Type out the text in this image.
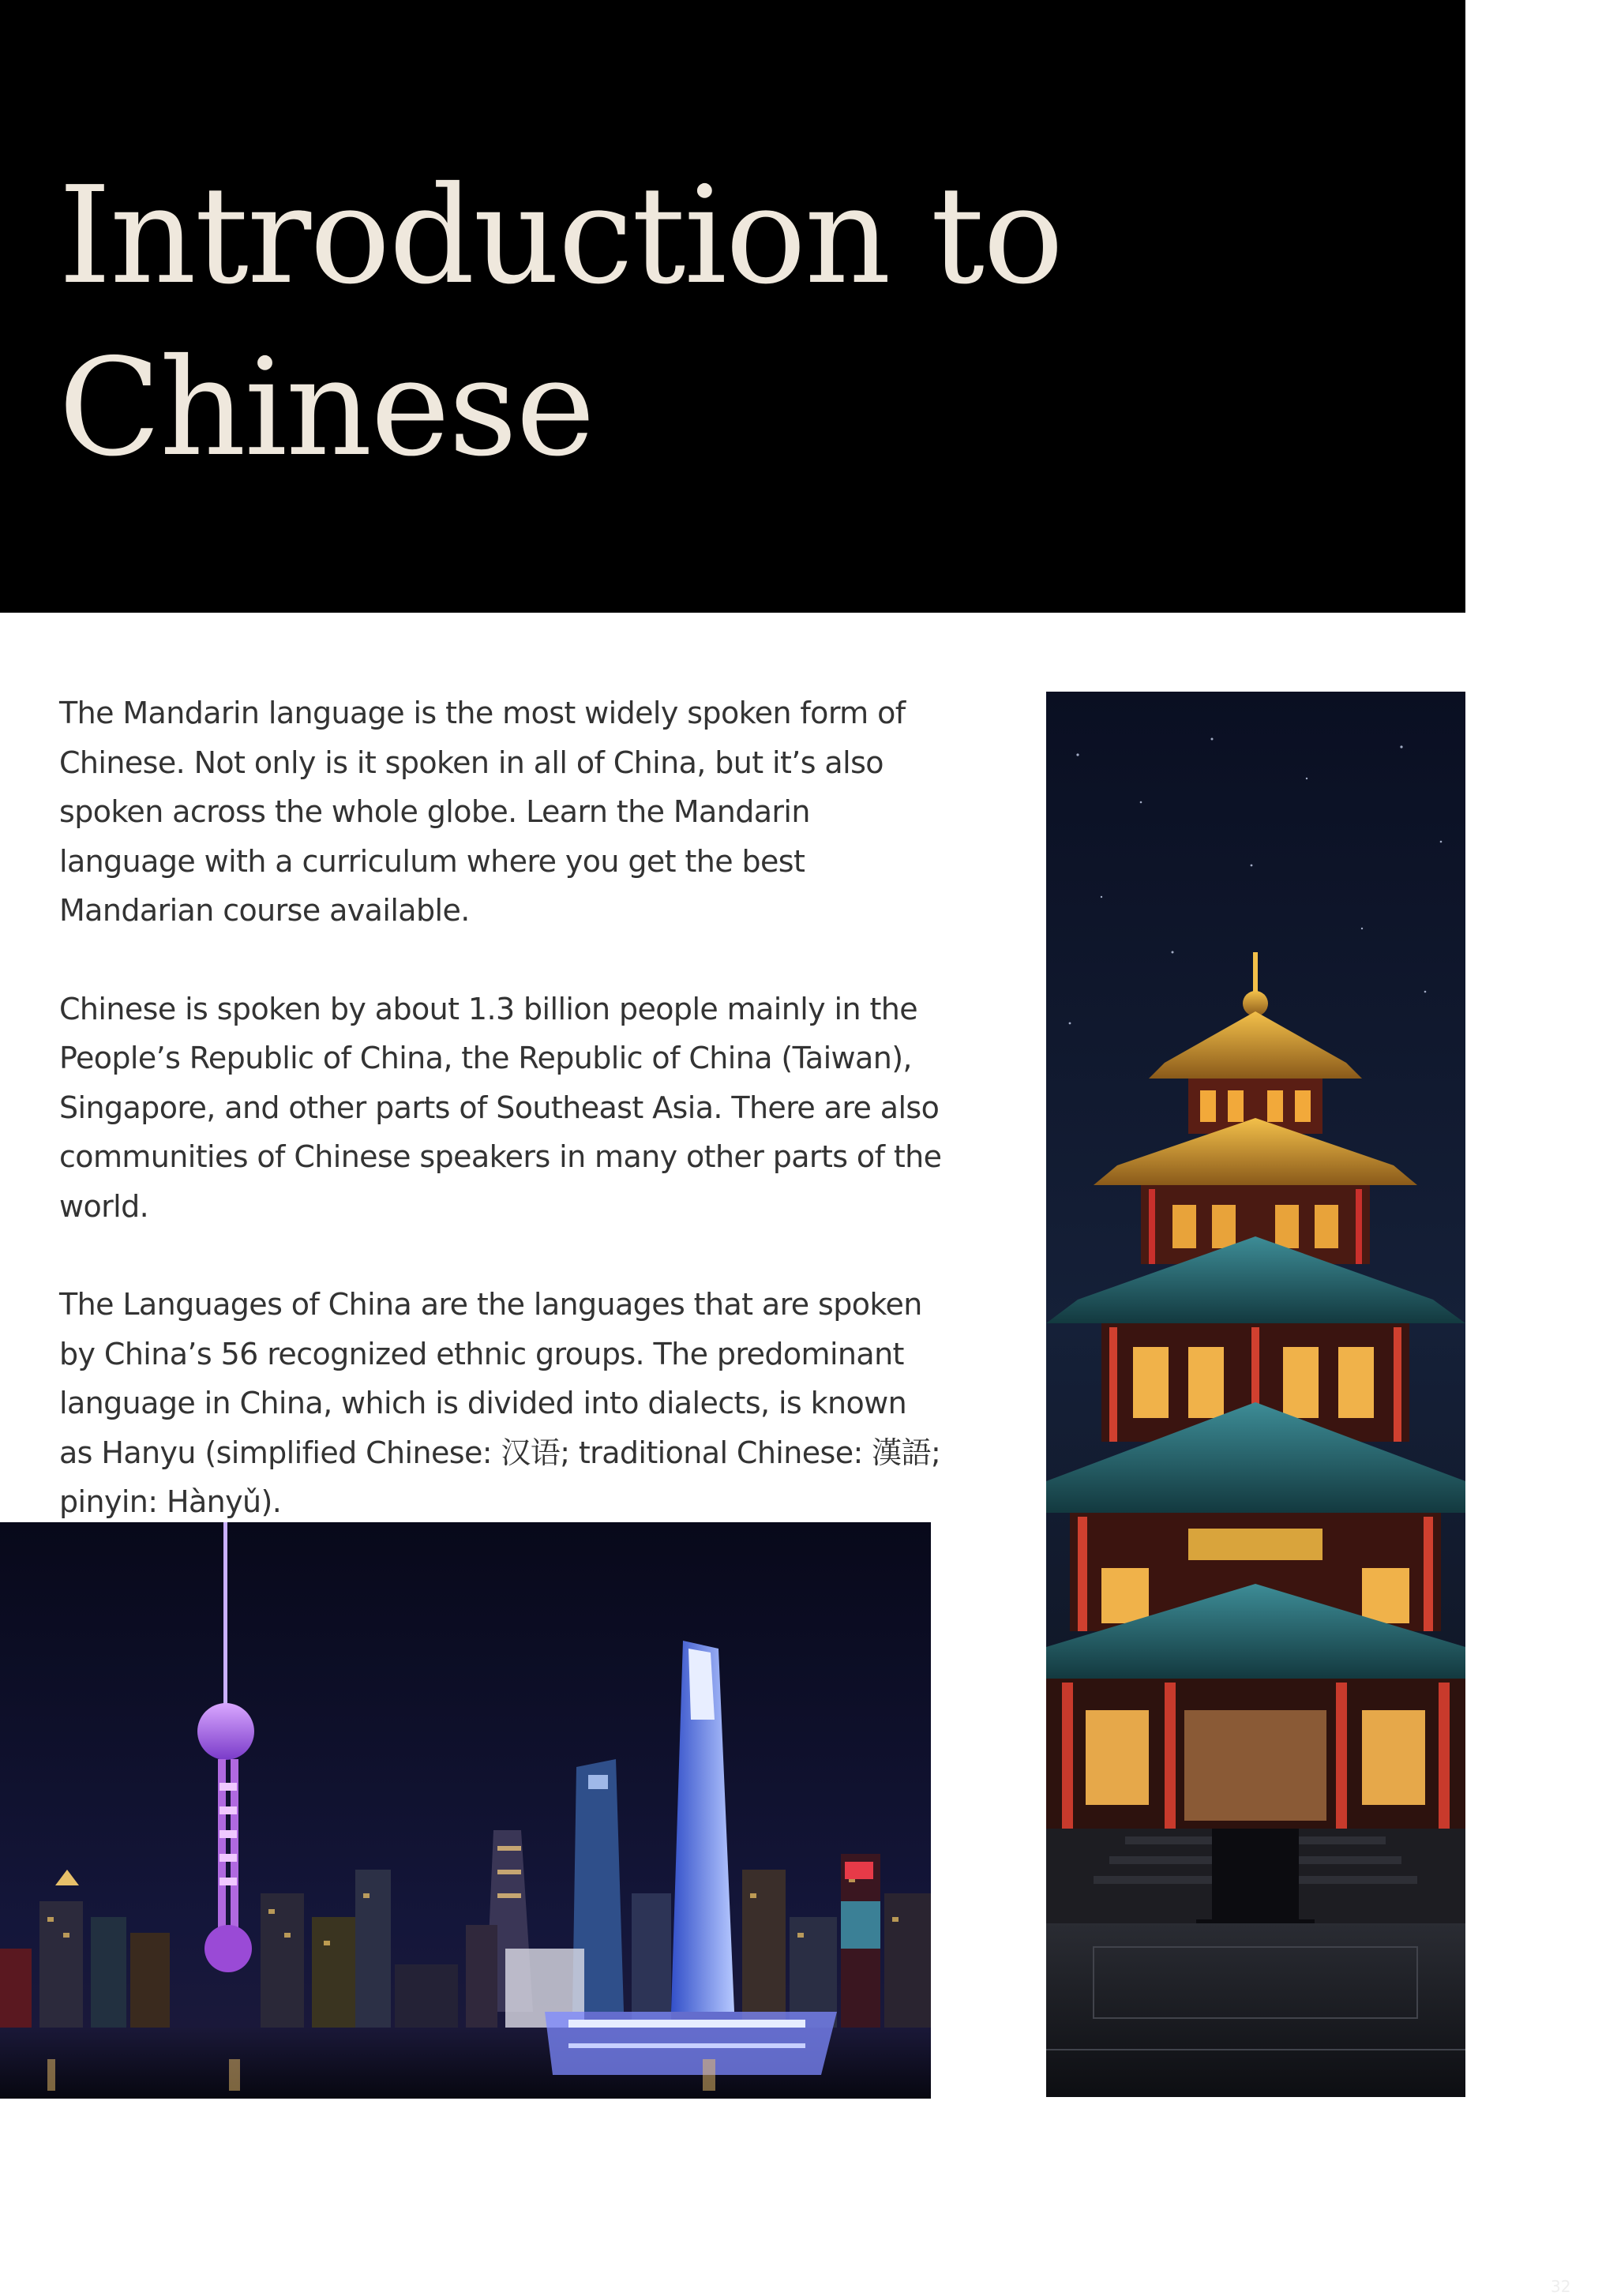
Introduction to
Chinese

The Mandarin language is the most widely spoken form of Chinese. Not only is it spoken in all of China, but it’s also spoken across the whole globe. Learn the Mandarin language with a curriculum where you get the best Mandarian course available.

Chinese is spoken by about 1.3 billion people mainly in the People’s Republic of China, the Republic of China (Taiwan), Singapore, and other parts of Southeast Asia. There are also communities of Chinese speakers in many other parts of the world.

The Languages of China are the languages that are spoken by China’s 56 recognized ethnic groups. The predominant language in China, which is divided into dialects, is known as Hanyu (simplified Chinese: 汉语; traditional Chinese: 漢語; pinyin: Hànyǔ).

32
